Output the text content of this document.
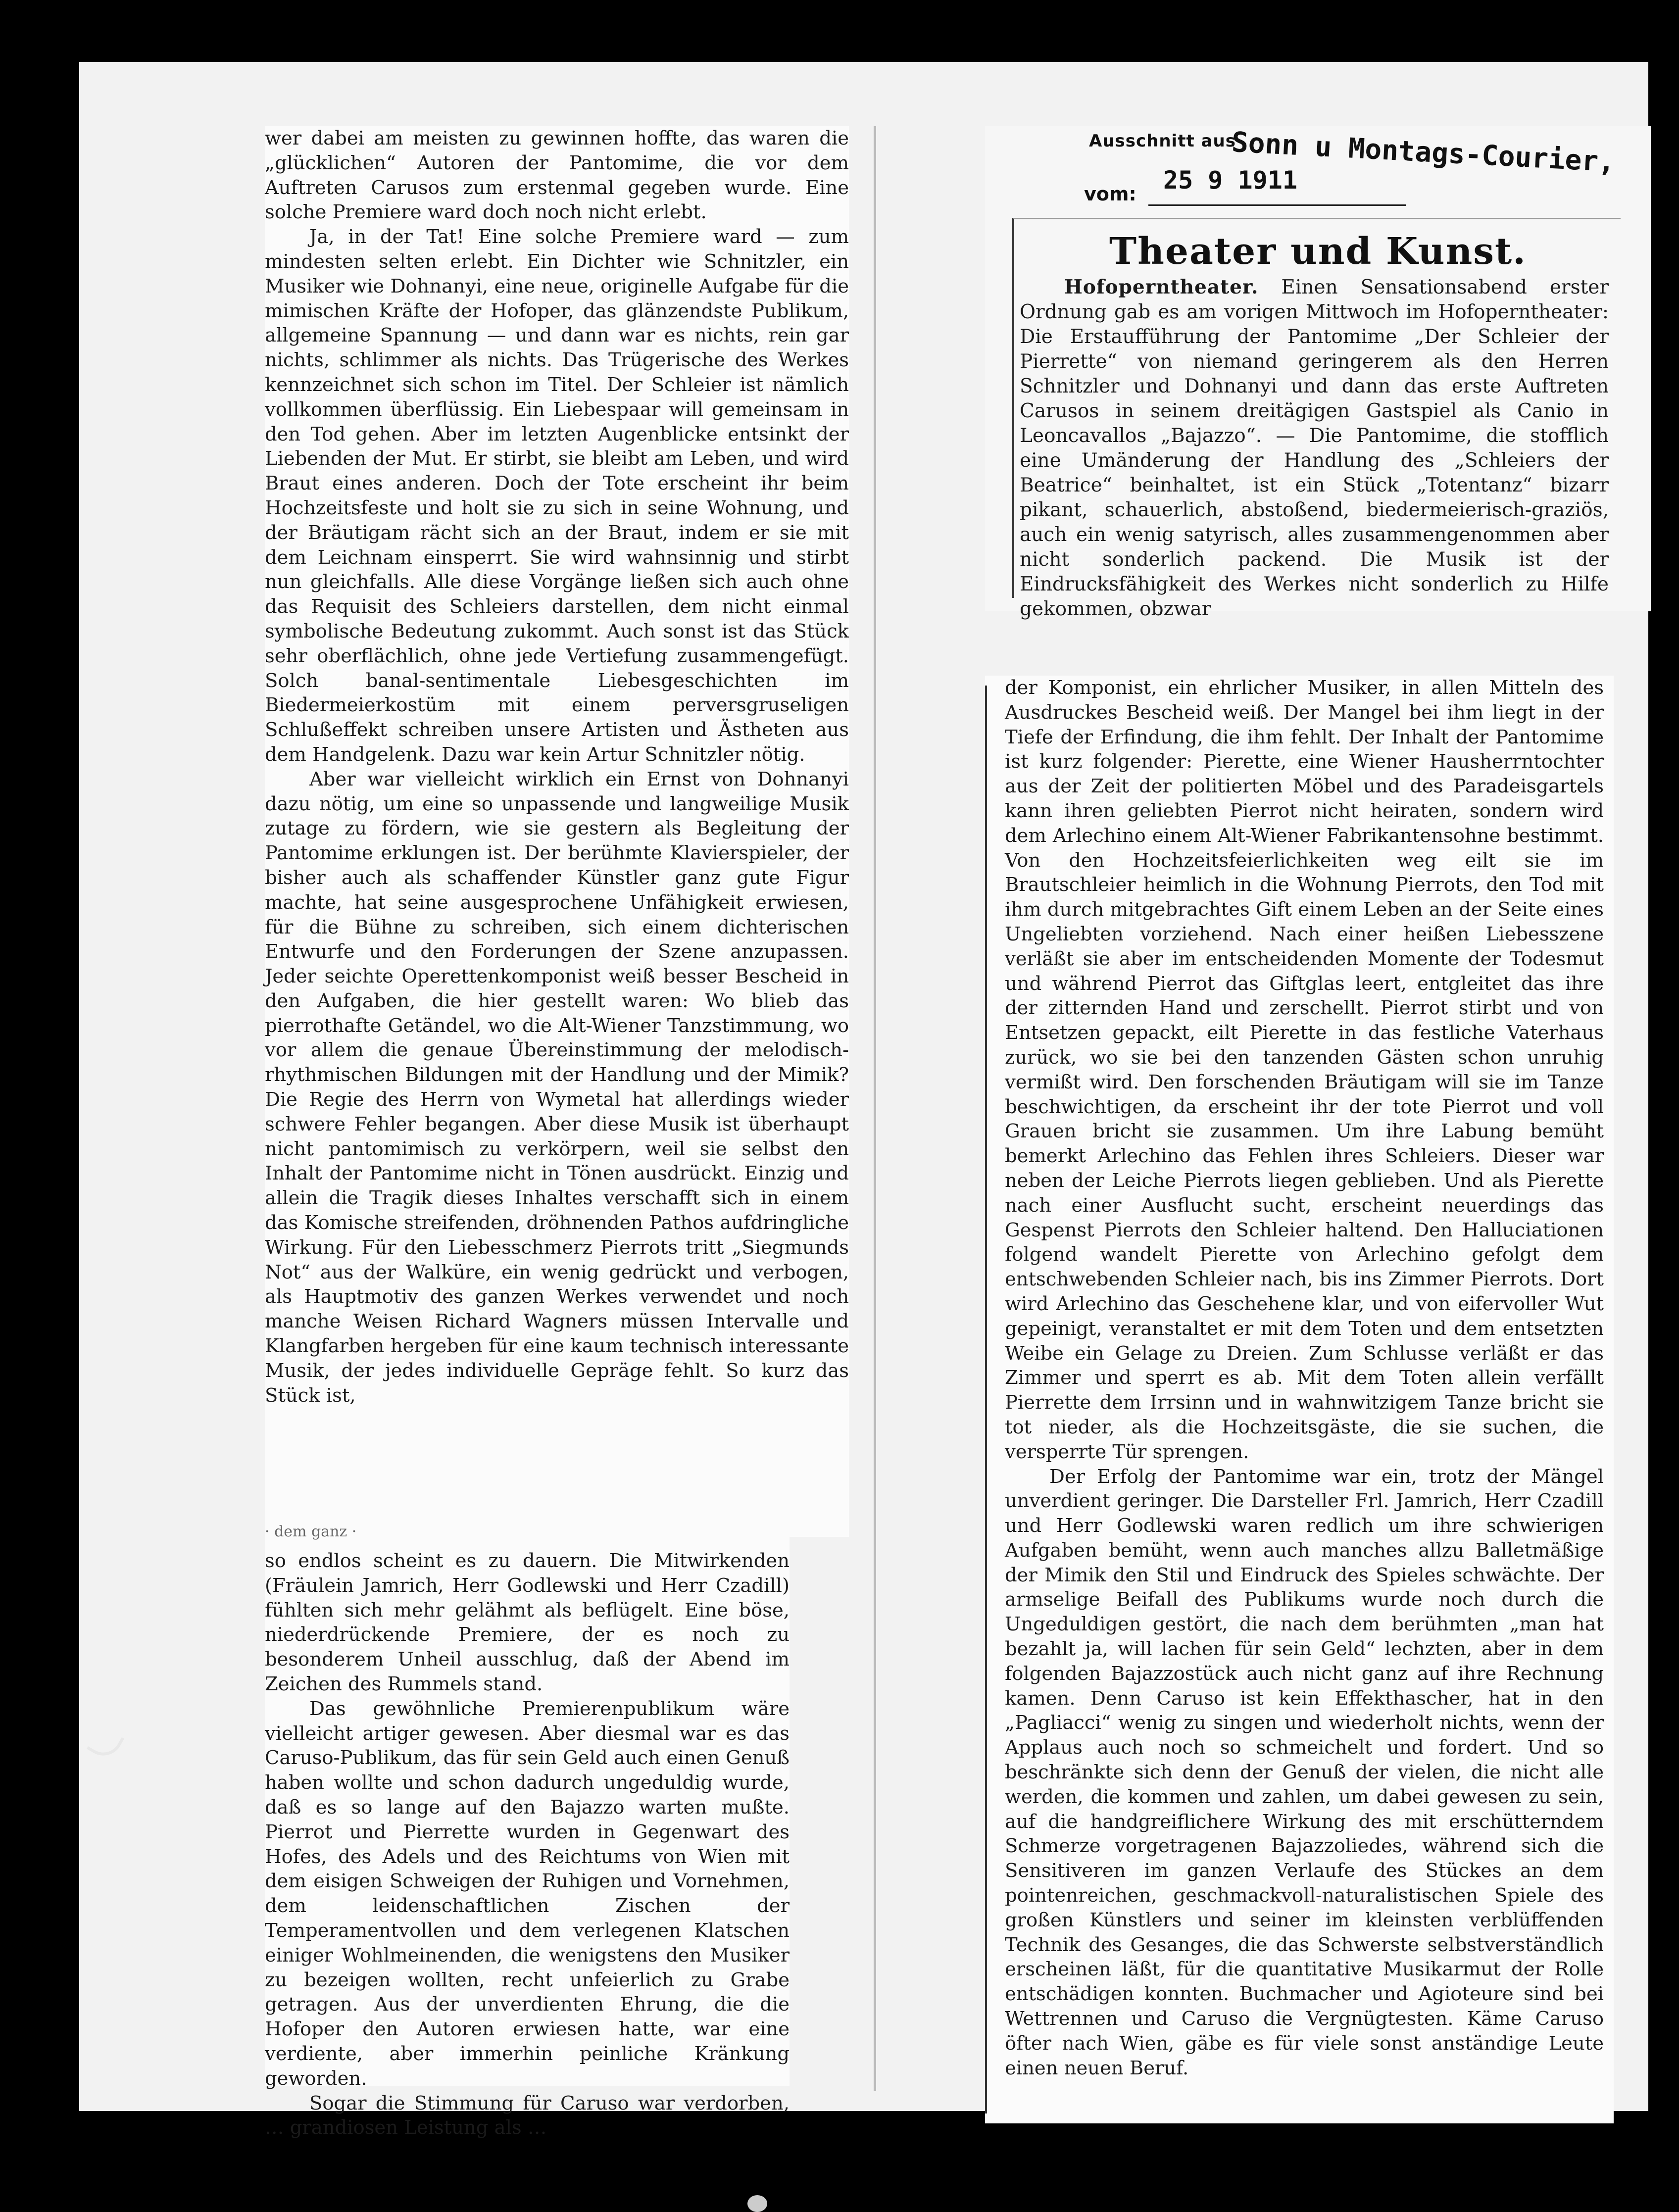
wer dabei am meisten zu gewinnen hoffte, das waren die „glücklichen“ Autoren der Pantomime, die vor dem Auftreten Carusos zum erstenmal gegeben wurde. Eine solche Premiere ward doch noch nicht erlebt.

Ja, in der Tat! Eine solche Premiere ward — zum mindesten selten erlebt. Ein Dichter wie Schnitzler, ein Musiker wie Dohnanyi, eine neue, originelle Aufgabe für die mimischen Kräfte der Hofoper, das glänzendste Publikum, allgemeine Spannung — und dann war es nichts, rein gar nichts, schlimmer als nichts. Das Trügerische des Werkes kennzeichnet sich schon im Titel. Der Schleier ist nämlich vollkommen überflüssig. Ein Liebespaar will gemeinsam in den Tod gehen. Aber im letzten Augenblicke entsinkt der Liebenden der Mut. Er stirbt, sie bleibt am Leben, und wird Braut eines anderen. Doch der Tote erscheint ihr beim Hochzeitsfeste und holt sie zu sich in seine Wohnung, und der Bräutigam rächt sich an der Braut, indem er sie mit dem Leichnam einsperrt. Sie wird wahnsinnig und stirbt nun gleichfalls. Alle diese Vorgänge ließen sich auch ohne das Requisit des Schleiers darstellen, dem nicht einmal symbolische Bedeutung zukommt. Auch sonst ist das Stück sehr oberflächlich, ohne jede Vertiefung zusammengefügt. Solch banal-sentimentale Liebesgeschichten im Biedermeierkostüm mit einem perversgruseligen Schlußeffekt schreiben unsere Artisten und Ästheten aus dem Handgelenk. Dazu war kein Artur Schnitzler nötig.

Aber war vielleicht wirklich ein Ernst von Dohnanyi dazu nötig, um eine so unpassende und langweilige Musik zutage zu fördern, wie sie gestern als Begleitung der Pantomime erklungen ist. Der berühmte Klavierspieler, der bisher auch als schaffender Künstler ganz gute Figur machte, hat seine ausgesprochene Unfähigkeit erwiesen, für die Bühne zu schreiben, sich einem dichterischen Entwurfe und den Forderungen der Szene anzupassen. Jeder seichte Operettenkomponist weiß besser Bescheid in den Aufgaben, die hier gestellt waren: Wo blieb das pierrothafte Getändel, wo die Alt-Wiener Tanzstimmung, wo vor allem die genaue Übereinstimmung der melodisch-rhythmischen Bildungen mit der Handlung und der Mimik? Die Regie des Herrn von Wymetal hat allerdings wieder schwere Fehler begangen. Aber diese Musik ist überhaupt nicht pantomimisch zu verkörpern, weil sie selbst den Inhalt der Pantomime nicht in Tönen ausdrückt. Einzig und allein die Tragik dieses Inhaltes verschafft sich in einem das Komische streifenden, dröhnenden Pathos aufdringliche Wirkung. Für den Liebesschmerz Pierrots tritt „Siegmunds Not“ aus der Walküre, ein wenig gedrückt und verbogen, als Hauptmotiv des ganzen Werkes verwendet und noch manche Weisen Richard Wagners müssen Intervalle und Klangfarben hergeben für eine kaum technisch interessante Musik, der jedes individuelle Gepräge fehlt. So kurz das Stück ist,

· dem ganz ·

so endlos scheint es zu dauern. Die Mitwirkenden (Fräulein Jamrich, Herr Godlewski und Herr Czadill) fühlten sich mehr gelähmt als beflügelt. Eine böse, niederdrückende Premiere, der es noch zu besonderem Unheil ausschlug, daß der Abend im Zeichen des Rummels stand.

Das gewöhnliche Premierenpublikum wäre vielleicht artiger gewesen. Aber diesmal war es das Caruso-Publikum, das für sein Geld auch einen Genuß haben wollte und schon dadurch ungeduldig wurde, daß es so lange auf den Bajazzo warten mußte. Pierrot und Pierrette wurden in Gegenwart des Hofes, des Adels und des Reichtums von Wien mit dem eisigen Schweigen der Ruhigen und Vornehmen, dem leidenschaftlichen Zischen der Temperamentvollen und dem verlegenen Klatschen einiger Wohlmeinenden, die wenigstens den Musiker zu bezeigen wollten, recht unfeierlich zu Grabe getragen. Aus der unverdienten Ehrung, die die Hofoper den Autoren erwiesen hatte, war eine verdiente, aber immerhin peinliche Kränkung geworden.

Sogar die Stimmung für Caruso war verdorben, … grandiosen Leistung als …

Ausschnitt aus
Sonn u Montags-Courier,
25 9 1911
vom:
Theater und Kunst.

Hofoperntheater. Einen Sensationsabend erster Ordnung gab es am vorigen Mittwoch im Hofoperntheater: Die Erstaufführung der Pantomime „Der Schleier der Pierrette“ von niemand geringerem als den Herren Schnitzler und Dohnanyi und dann das erste Auftreten Carusos in seinem dreitägigen Gastspiel als Canio in Leoncavallos „Bajazzo“. — Die Pantomime, die stofflich eine Umänderung der Handlung des „Schleiers der Beatrice“ beinhaltet, ist ein Stück „Totentanz“ bizarr pikant, schauerlich, abstoßend, biedermeierisch-graziös, auch ein wenig satyrisch, alles zusammengenommen aber nicht sonderlich packend. Die Musik ist der Eindrucksfähigkeit des Werkes nicht sonderlich zu Hilfe gekommen, obzwar

der Komponist, ein ehrlicher Musiker, in allen Mitteln des Ausdruckes Bescheid weiß. Der Mangel bei ihm liegt in der Tiefe der Erfindung, die ihm fehlt. Der Inhalt der Pantomime ist kurz folgender: Pierette, eine Wiener Hausherrntochter aus der Zeit der politierten Möbel und des Paradeisgartels kann ihren geliebten Pierrot nicht heiraten, sondern wird dem Arlechino einem Alt-Wiener Fabrikantensohne bestimmt. Von den Hochzeitsfeierlichkeiten weg eilt sie im Brautschleier heimlich in die Wohnung Pierrots, den Tod mit ihm durch mitgebrachtes Gift einem Leben an der Seite eines Ungeliebten vorziehend. Nach einer heißen Liebesszene verläßt sie aber im entscheidenden Momente der Todesmut und während Pierrot das Giftglas leert, entgleitet das ihre der zitternden Hand und zerschellt. Pierrot stirbt und von Entsetzen gepackt, eilt Pierette in das festliche Vaterhaus zurück, wo sie bei den tanzenden Gästen schon unruhig vermißt wird. Den forschenden Bräutigam will sie im Tanze beschwichtigen, da erscheint ihr der tote Pierrot und voll Grauen bricht sie zusammen. Um ihre Labung bemüht bemerkt Arlechino das Fehlen ihres Schleiers. Dieser war neben der Leiche Pierrots liegen geblieben. Und als Pierette nach einer Ausflucht sucht, erscheint neuerdings das Gespenst Pierrots den Schleier haltend. Den Halluciationen folgend wandelt Pierette von Arlechino gefolgt dem entschwebenden Schleier nach, bis ins Zimmer Pierrots. Dort wird Arlechino das Geschehene klar, und von eifervoller Wut gepeinigt, veranstaltet er mit dem Toten und dem entsetzten Weibe ein Gelage zu Dreien. Zum Schlusse verläßt er das Zimmer und sperrt es ab. Mit dem Toten allein verfällt Pierrette dem Irrsinn und in wahnwitzigem Tanze bricht sie tot nieder, als die Hochzeitsgäste, die sie suchen, die versperrte Tür sprengen.

Der Erfolg der Pantomime war ein, trotz der Mängel unverdient geringer. Die Darsteller Frl. Jamrich, Herr Czadill und Herr Godlewski waren redlich um ihre schwierigen Aufgaben bemüht, wenn auch manches allzu Balletmäßige der Mimik den Stil und Eindruck des Spieles schwächte. Der armselige Beifall des Publikums wurde noch durch die Ungeduldigen gestört, die nach dem berühmten „man hat bezahlt ja, will lachen für sein Geld“ lechzten, aber in dem folgenden Bajazzostück auch nicht ganz auf ihre Rechnung kamen. Denn Caruso ist kein Effekthascher, hat in den „Pagliacci“ wenig zu singen und wiederholt nichts, wenn der Applaus auch noch so schmeichelt und fordert. Und so beschränkte sich denn der Genuß der vielen, die nicht alle werden, die kommen und zahlen, um dabei gewesen zu sein, auf die handgreiflichere Wirkung des mit erschütterndem Schmerze vorgetragenen Bajazzoliedes, während sich die Sensitiveren im ganzen Verlaufe des Stückes an dem pointenreichen, geschmackvoll-naturalistischen Spiele des großen Künstlers und seiner im kleinsten verblüffenden Technik des Gesanges, die das Schwerste selbstverständlich erscheinen läßt, für die quantitative Musikarmut der Rolle entschädigen konnten. Buchmacher und Agioteure sind bei Wettrennen und Caruso die Vergnügtesten. Käme Caruso öfter nach Wien, gäbe es für viele sonst anständige Leute einen neuen Beruf.
